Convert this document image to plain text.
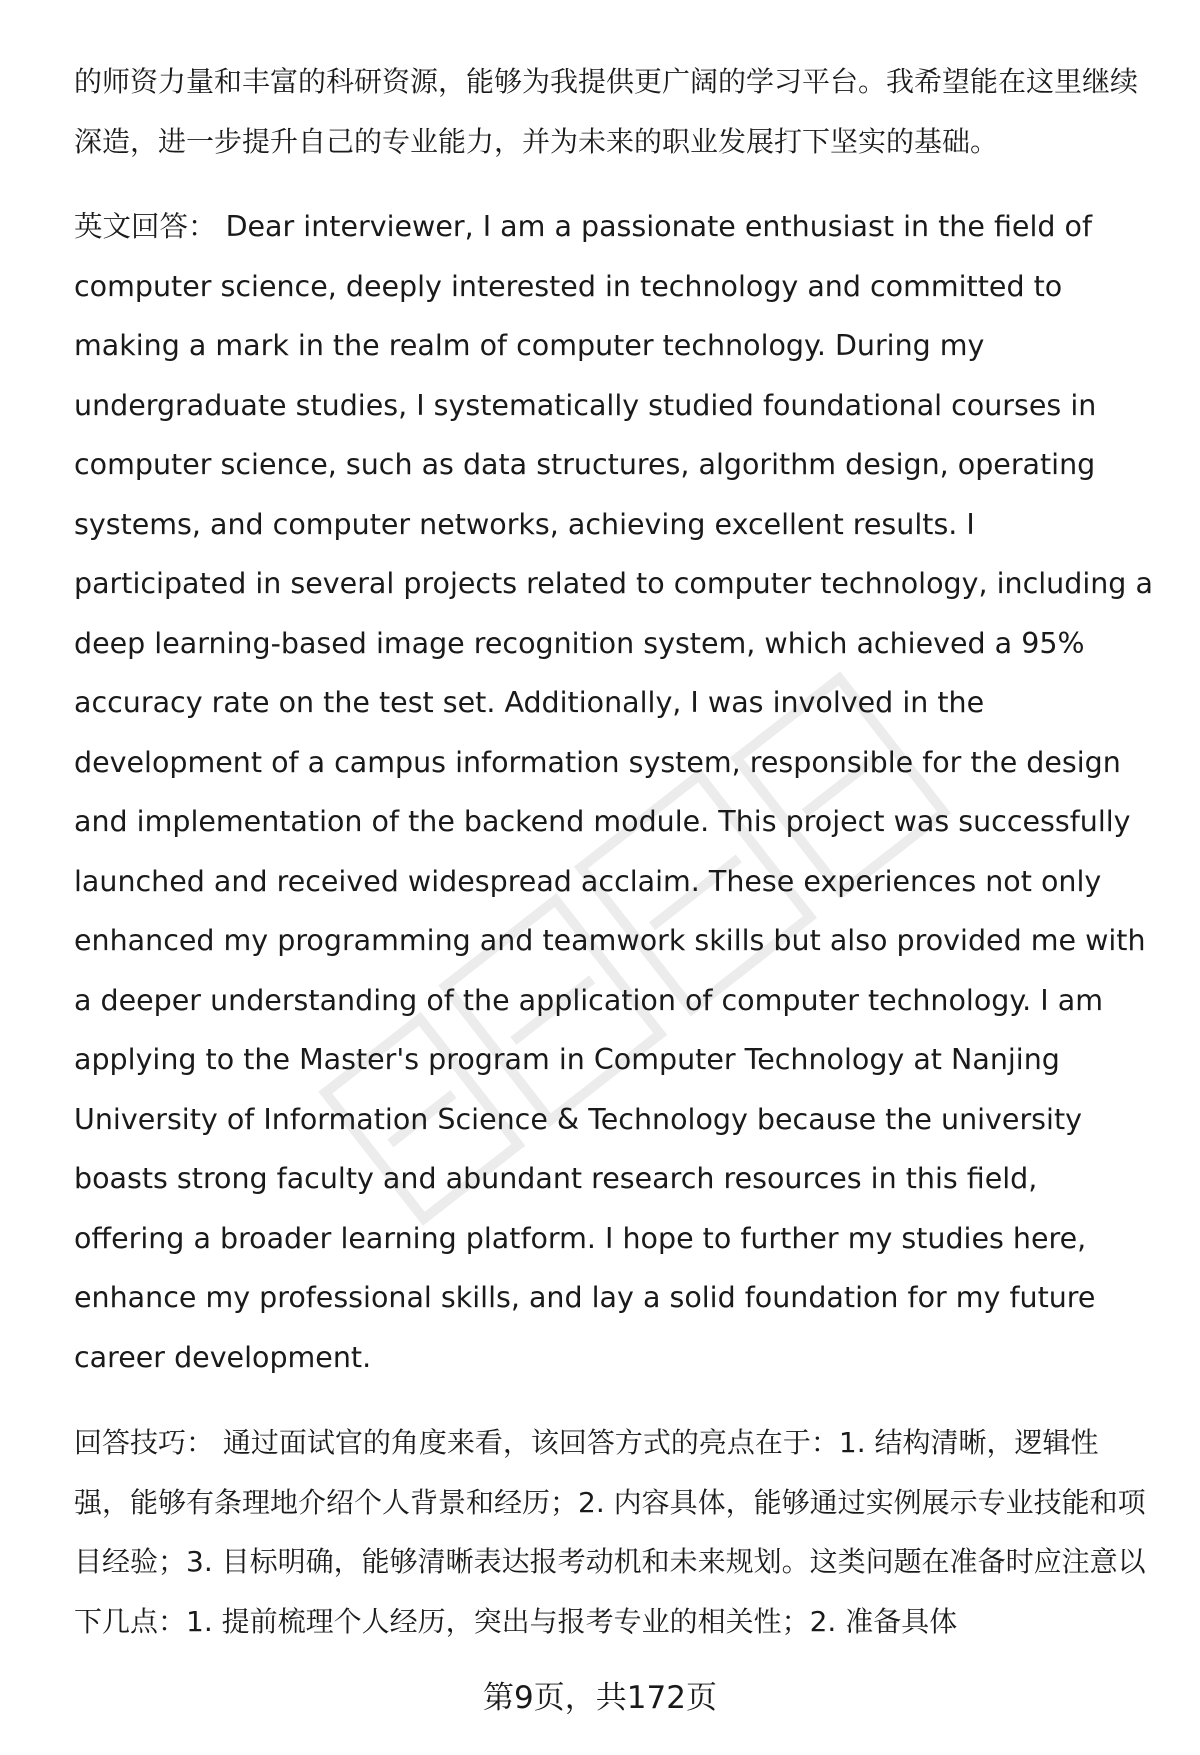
的师资力量和丰富的科研资源，能够为我提供更广阔的学习平台。我希望能在这里继续深造，进一步提升自己的专业能力，并为未来的职业发展打下坚实的基础。

英文回答： Dear interviewer, I am a passionate enthusiast in the field of computer science, deeply interested in technology and committed to making a mark in the realm of computer technology. During my undergraduate studies, I systematically studied foundational courses in computer science, such as data structures, algorithm design, operating systems, and computer networks, achieving excellent results. I participated in several projects related to computer technology, including a deep learning-based image recognition system, which achieved a 95% accuracy rate on the test set. Additionally, I was involved in the development of a campus information system, responsible for the design and implementation of the backend module. This project was successfully launched and received widespread acclaim. These experiences not only enhanced my programming and teamwork skills but also provided me with a deeper understanding of the application of computer technology. I am applying to the Master's program in Computer Technology at Nanjing University of Information Science & Technology because the university boasts strong faculty and abundant research resources in this field, offering a broader learning platform. I hope to further my studies here, enhance my professional skills, and lay a solid foundation for my future career development.

回答技巧： 通过面试官的角度来看，该回答方式的亮点在于：1. 结构清晰，逻辑性强，能够有条理地介绍个人背景和经历；2. 内容具体，能够通过实例展示专业技能和项目经验；3. 目标明确，能够清晰表达报考动机和未来规划。这类问题在准备时应注意以下几点：1. 提前梳理个人经历，突出与报考专业的相关性；2. 准备具体

第9页，共172页
